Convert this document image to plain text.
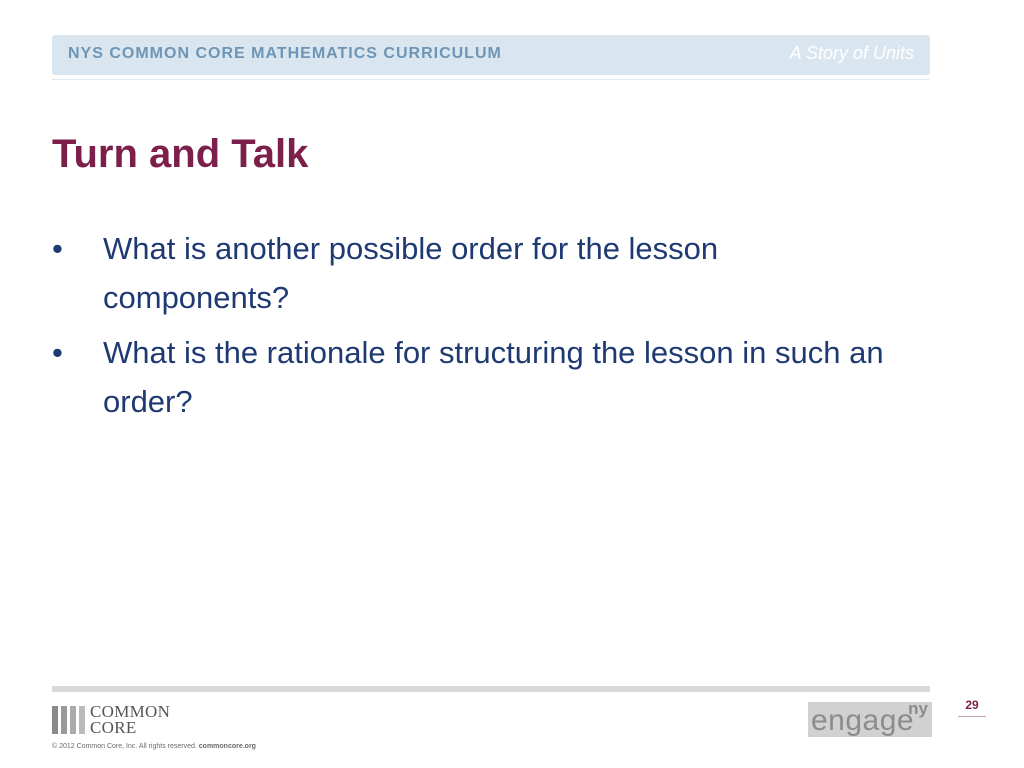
NYS COMMON CORE MATHEMATICS CURRICULUM	A Story of Units
Turn and Talk
• What is another possible order for the lesson components?
• What is the rationale for structuring the lesson in such an order?
COMMON
CORE
© 2012 Common Core, Inc. All rights reserved. commoncore.org
engage
ny	29
